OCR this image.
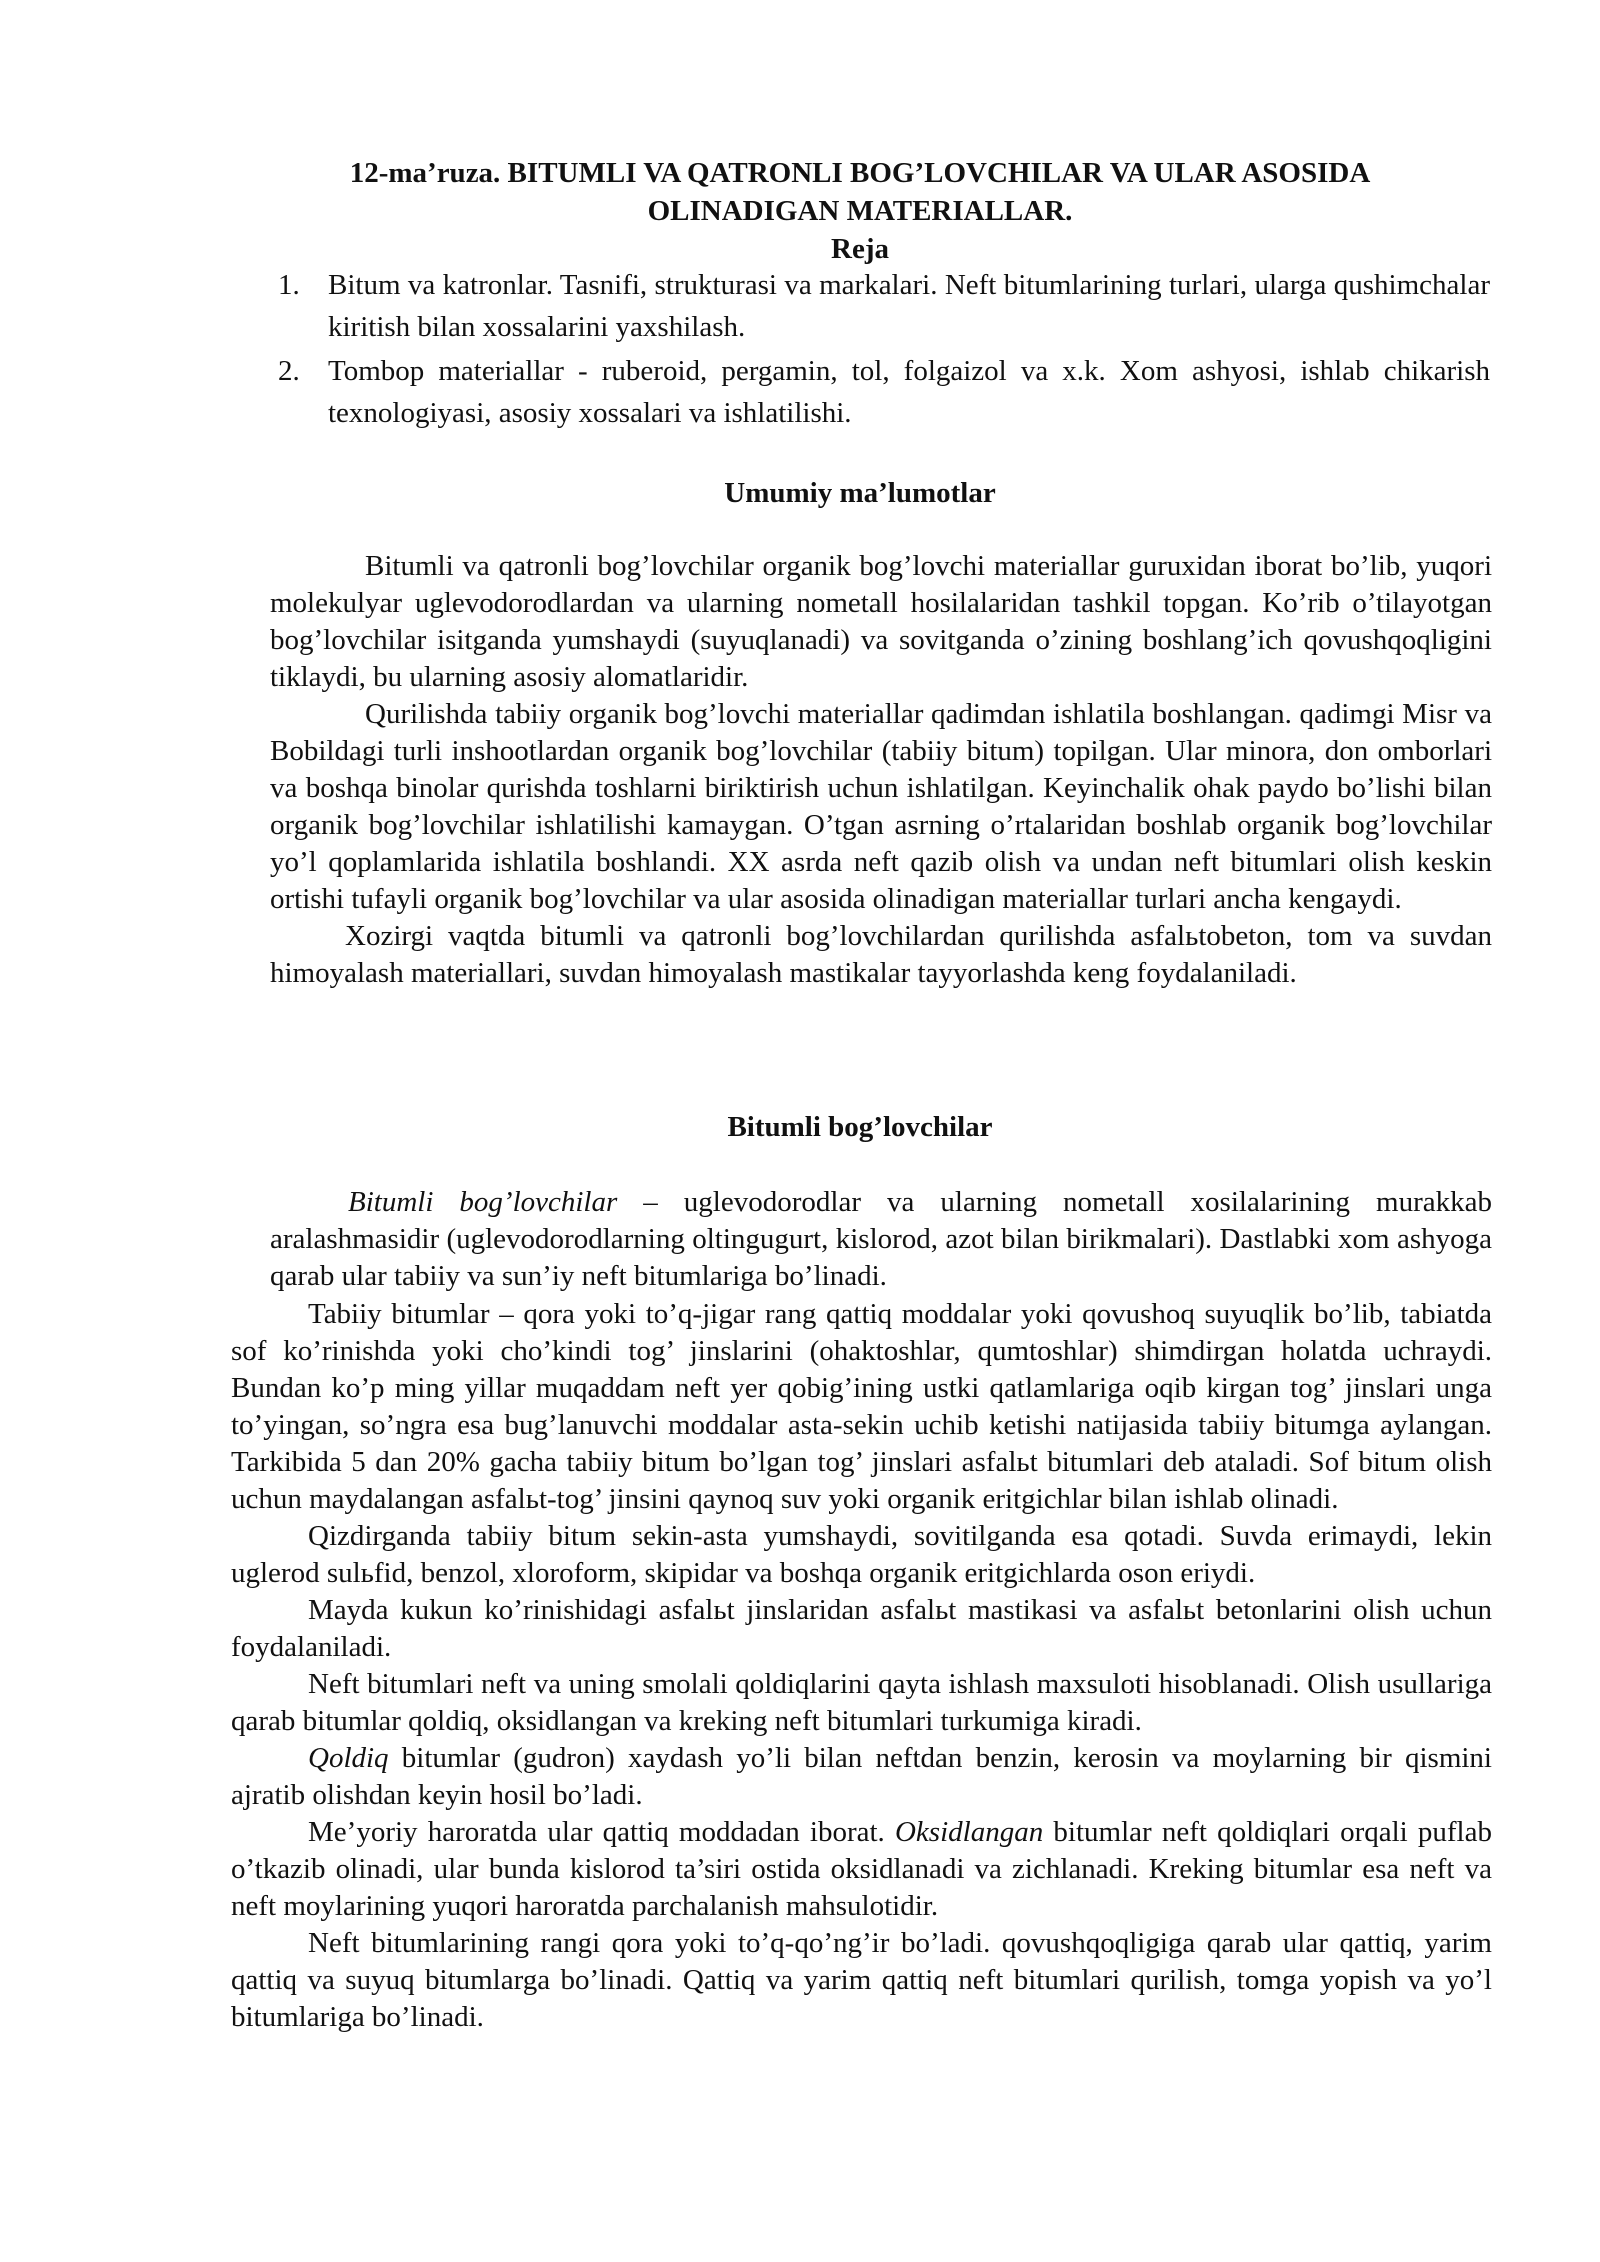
12-ma’ruza. BITUMLI VA QATRONLI BOG’LOVCHILAR VA ULAR ASOSIDA

OLINADIGAN MATERIALLAR.

Reja

1. Bitum va katronlar. Tasnifi, strukturasi va markalari. Neft bitumlarining turlari, ularga qushimchalar kiritish bilan xossalarini yaxshilash.
2. Tombop materiallar - ruberoid, pergamin, tol, folgaizol va x.k. Xom ashyosi, ishlab chikarish texnologiyasi, asosiy xossalari va ishlatilishi.

Umumiy ma’lumotlar

Bitumli va qatronli bog’lovchilar organik bog’lovchi materiallar guruxidan iborat bo’lib, yuqori molekulyar uglevodorodlardan va ularning nometall hosilalaridan tashkil topgan. Ko’rib o’tilayotgan bog’lovchilar isitganda yumshaydi (suyuqlanadi) va sovitganda o’zining boshlang’ich qovushqoqligini tiklaydi, bu ularning asosiy alomatlaridir.

Qurilishda tabiiy organik bog’lovchi materiallar qadimdan ishlatila boshlangan. qadimgi Misr va Bobildagi turli inshootlardan organik bog’lovchilar (tabiiy bitum) topilgan. Ular minora, don omborlari va boshqa binolar qurishda toshlarni biriktirish uchun ishlatilgan. Keyinchalik ohak paydo bo’lishi bilan organik bog’lovchilar ishlatilishi kamaygan. O’tgan asrning o’rtalaridan boshlab organik bog’lovchilar yo’l qoplamlarida ishlatila boshlandi. XX asrda neft qazib olish va undan neft bitumlari olish keskin ortishi tufayli organik bog’lovchilar va ular asosida olinadigan materiallar turlari ancha kengaydi.

Xozirgi vaqtda bitumli va qatronli bog’lovchilardan qurilishda asfalьtobeton, tom va suvdan himoyalash materiallari, suvdan himoyalash mastikalar tayyorlashda keng foydalaniladi.

Bitumli bog’lovchilar

Bitumli bog’lovchilar – uglevodorodlar va ularning nometall xosilalarining murakkab aralashmasidir (uglevodorodlarning oltingugurt, kislorod, azot bilan birikmalari). Dastlabki xom ashyoga qarab ular tabiiy va sun’iy neft bitumlariga bo’linadi.

Tabiiy bitumlar – qora yoki to’q-jigar rang qattiq moddalar yoki qovushoq suyuqlik bo’lib, tabiatda sof ko’rinishda yoki cho’kindi tog’ jinslarini (ohaktoshlar, qumtoshlar) shimdirgan holatda uchraydi. Bundan ko’p ming yillar muqaddam neft yer qobig’ining ustki qatlamlariga oqib kirgan tog’ jinslari unga to’yingan, so’ngra esa bug’lanuvchi moddalar asta-sekin uchib ketishi natijasida tabiiy bitumga aylangan. Tarkibida 5 dan 20% gacha tabiiy bitum bo’lgan tog’ jinslari asfalьt bitumlari deb ataladi. Sof bitum olish uchun maydalangan asfalьt-tog’ jinsini qaynoq suv yoki organik eritgichlar bilan ishlab olinadi.

Qizdirganda tabiiy bitum sekin-asta yumshaydi, sovitilganda esa qotadi. Suvda erimaydi, lekin uglerod sulьfid, benzol, xloroform, skipidar va boshqa organik eritgichlarda oson eriydi.

Mayda kukun ko’rinishidagi asfalьt jinslaridan asfalьt mastikasi va asfalьt betonlarini olish uchun foydalaniladi.

Neft bitumlari neft va uning smolali qoldiqlarini qayta ishlash maxsuloti hisoblanadi. Olish usullariga qarab bitumlar qoldiq, oksidlangan va kreking neft bitumlari turkumiga kiradi.

Qoldiq bitumlar (gudron) xaydash yo’li bilan neftdan benzin, kerosin va moylarning bir qismini ajratib olishdan keyin hosil bo’ladi.

Me’yoriy haroratda ular qattiq moddadan iborat. Oksidlangan bitumlar neft qoldiqlari orqali puflab o’tkazib olinadi, ular bunda kislorod ta’siri ostida oksidlanadi va zichlanadi. Kreking bitumlar esa neft va neft moylarining yuqori haroratda parchalanish mahsulotidir.

Neft bitumlarining rangi qora yoki to’q-qo’ng’ir bo’ladi. qovushqoqligiga qarab ular qattiq, yarim qattiq va suyuq bitumlarga bo’linadi. Qattiq va yarim qattiq neft bitumlari qurilish, tomga yopish va yo’l bitumlariga bo’linadi.
